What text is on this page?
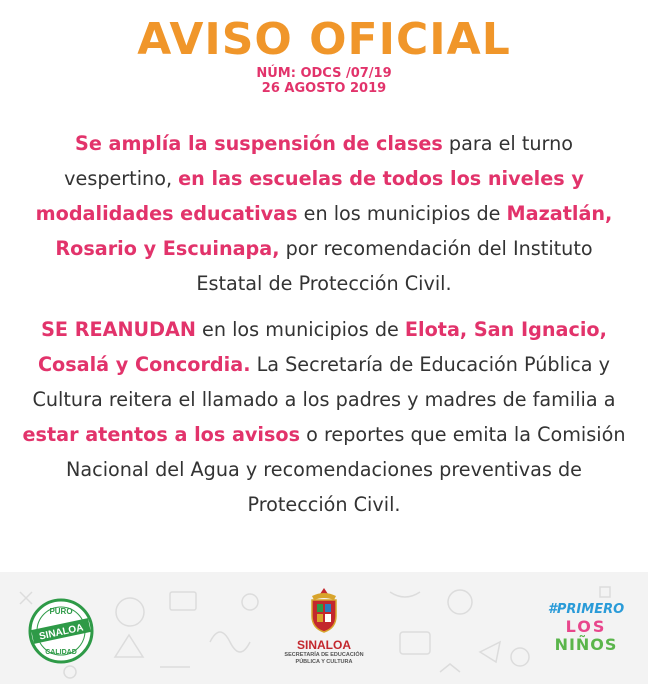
AVISO OFICIAL
NÚM: ODCS /07/19
26 AGOSTO 2019

Se amplía la suspensión de clases para el turno vespertino, en las escuelas de todos los niveles y modalidades educativas en los municipios de Mazatlán, Rosario y Escuinapa, por recomendación del Instituto Estatal de Protección Civil.

SE REANUDAN en los municipios de Elota, San Ignacio, Cosalá y Concordia. La Secretaría de Educación Pública y Cultura reitera el llamado a los padres y madres de familia a estar atentos a los avisos o reportes que emita la Comisión Nacional del Agua y recomendaciones preventivas de Protección Civil.

PURO
SINALOA
CALIDAD
SINALOA
SECRETARÍA DE EDUCACIÓN
PÚBLICA Y CULTURA
#PRIMERO
LOS
NIÑOS
